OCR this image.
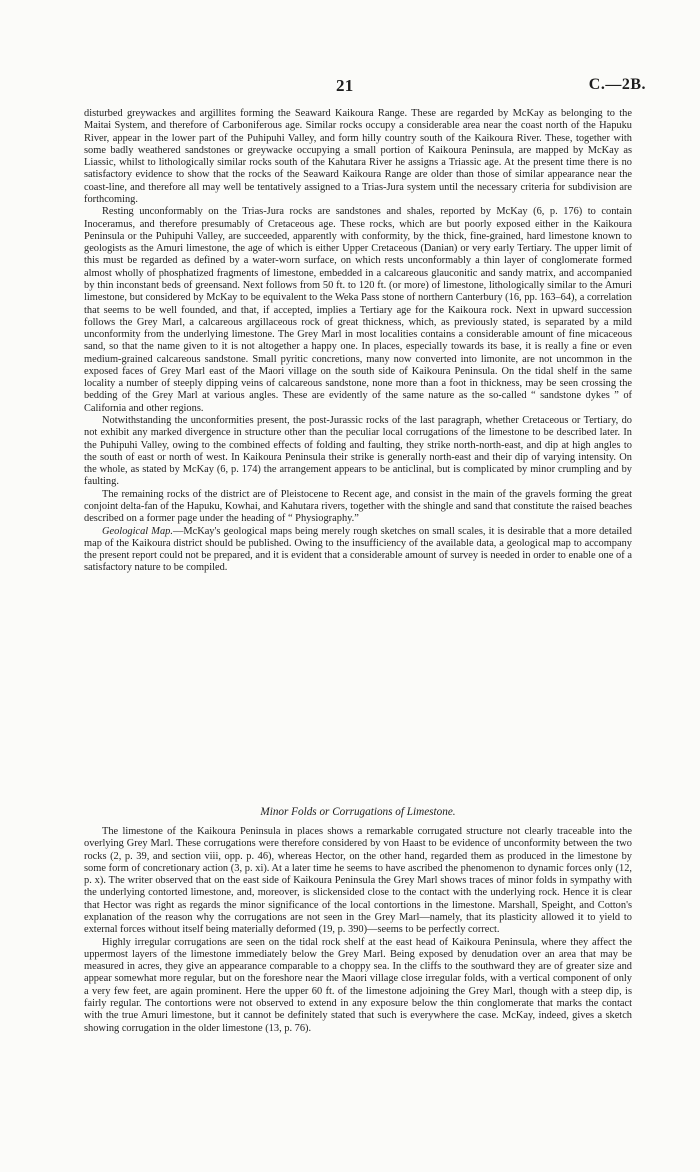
21	C.—2B.

disturbed greywackes and argillites forming the Seaward Kaikoura Range. These are regarded by McKay as belonging to the Maitai System, and therefore of Carboniferous age. Similar rocks occupy a considerable area near the coast north of the Hapuku River, appear in the lower part of the Puhipuhi Valley, and form hilly country south of the Kaikoura River. These, together with some badly weathered sandstones or greywacke occupying a small portion of Kaikoura Peninsula, are mapped by McKay as Liassic, whilst to lithologically similar rocks south of the Kahutara River he assigns a Triassic age. At the present time there is no satisfactory evidence to show that the rocks of the Seaward Kaikoura Range are older than those of similar appearance near the coast-line, and therefore all may well be tentatively assigned to a Trias-Jura system until the necessary criteria for subdivision are forthcoming.

Resting unconformably on the Trias-Jura rocks are sandstones and shales, reported by McKay (6, p. 176) to contain Inoceramus, and therefore presumably of Cretaceous age. These rocks, which are but poorly exposed either in the Kaikoura Peninsula or the Puhipuhi Valley, are succeeded, apparently with conformity, by the thick, fine-grained, hard limestone known to geologists as the Amuri limestone, the age of which is either Upper Cretaceous (Danian) or very early Tertiary. The upper limit of this must be regarded as defined by a water-worn surface, on which rests unconformably a thin layer of conglomerate formed almost wholly of phosphatized fragments of limestone, embedded in a calcareous glauconitic and sandy matrix, and accompanied by thin inconstant beds of greensand. Next follows from 50 ft. to 120 ft. (or more) of limestone, lithologically similar to the Amuri limestone, but considered by McKay to be equivalent to the Weka Pass stone of northern Canterbury (16, pp. 163–64), a correlation that seems to be well founded, and that, if accepted, implies a Tertiary age for the Kaikoura rock. Next in upward succession follows the Grey Marl, a calcareous argillaceous rock of great thickness, which, as previously stated, is separated by a mild unconformity from the underlying limestone. The Grey Marl in most localities contains a considerable amount of fine micaceous sand, so that the name given to it is not altogether a happy one. In places, especially towards its base, it is really a fine or even medium-grained calcareous sandstone. Small pyritic concretions, many now converted into limonite, are not uncommon in the exposed faces of Grey Marl east of the Maori village on the south side of Kaikoura Peninsula. On the tidal shelf in the same locality a number of steeply dipping veins of calcareous sandstone, none more than a foot in thickness, may be seen crossing the bedding of the Grey Marl at various angles. These are evidently of the same nature as the so-called “ sandstone dykes ” of California and other regions.

Notwithstanding the unconformities present, the post-Jurassic rocks of the last paragraph, whether Cretaceous or Tertiary, do not exhibit any marked divergence in structure other than the peculiar local corrugations of the limestone to be described later. In the Puhipuhi Valley, owing to the combined effects of folding and faulting, they strike north-north-east, and dip at high angles to the south of east or north of west. In Kaikoura Peninsula their strike is generally north-east and their dip of varying intensity. On the whole, as stated by McKay (6, p. 174) the arrangement appears to be anticlinal, but is complicated by minor crumpling and by faulting.

The remaining rocks of the district are of Pleistocene to Recent age, and consist in the main of the gravels forming the great conjoint delta-fan of the Hapuku, Kowhai, and Kahutara rivers, together with the shingle and sand that constitute the raised beaches described on a former page under the heading of “ Physiography.”

Geological Map.—McKay's geological maps being merely rough sketches on small scales, it is desirable that a more detailed map of the Kaikoura district should be published. Owing to the insufficiency of the available data, a geological map to accompany the present report could not be prepared, and it is evident that a considerable amount of survey is needed in order to enable one of a satisfactory nature to be compiled.

Minor Folds or Corrugations of Limestone.

The limestone of the Kaikoura Peninsula in places shows a remarkable corrugated structure not clearly traceable into the overlying Grey Marl. These corrugations were therefore considered by von Haast to be evidence of unconformity between the two rocks (2, p. 39, and section viii, opp. p. 46), whereas Hector, on the other hand, regarded them as produced in the limestone by some form of concretionary action (3, p. xi). At a later time he seems to have ascribed the phenomenon to dynamic forces only (12, p. x). The writer observed that on the east side of Kaikoura Peninsula the Grey Marl shows traces of minor folds in sympathy with the underlying contorted limestone, and, moreover, is slickensided close to the contact with the underlying rock. Hence it is clear that Hector was right as regards the minor significance of the local contortions in the limestone. Marshall, Speight, and Cotton's explanation of the reason why the corrugations are not seen in the Grey Marl—namely, that its plasticity allowed it to yield to external forces without itself being materially deformed (19, p. 390)—seems to be perfectly correct.

Highly irregular corrugations are seen on the tidal rock shelf at the east head of Kaikoura Peninsula, where they affect the uppermost layers of the limestone immediately below the Grey Marl. Being exposed by denudation over an area that may be measured in acres, they give an appearance comparable to a choppy sea. In the cliffs to the southward they are of greater size and appear somewhat more regular, but on the foreshore near the Maori village close irregular folds, with a vertical component of only a very few feet, are again prominent. Here the upper 60 ft. of the limestone adjoining the Grey Marl, though with a steep dip, is fairly regular. The contortions were not observed to extend in any exposure below the thin conglomerate that marks the contact with the true Amuri limestone, but it cannot be definitely stated that such is everywhere the case. McKay, indeed, gives a sketch showing corrugation in the older limestone (13, p. 76).
